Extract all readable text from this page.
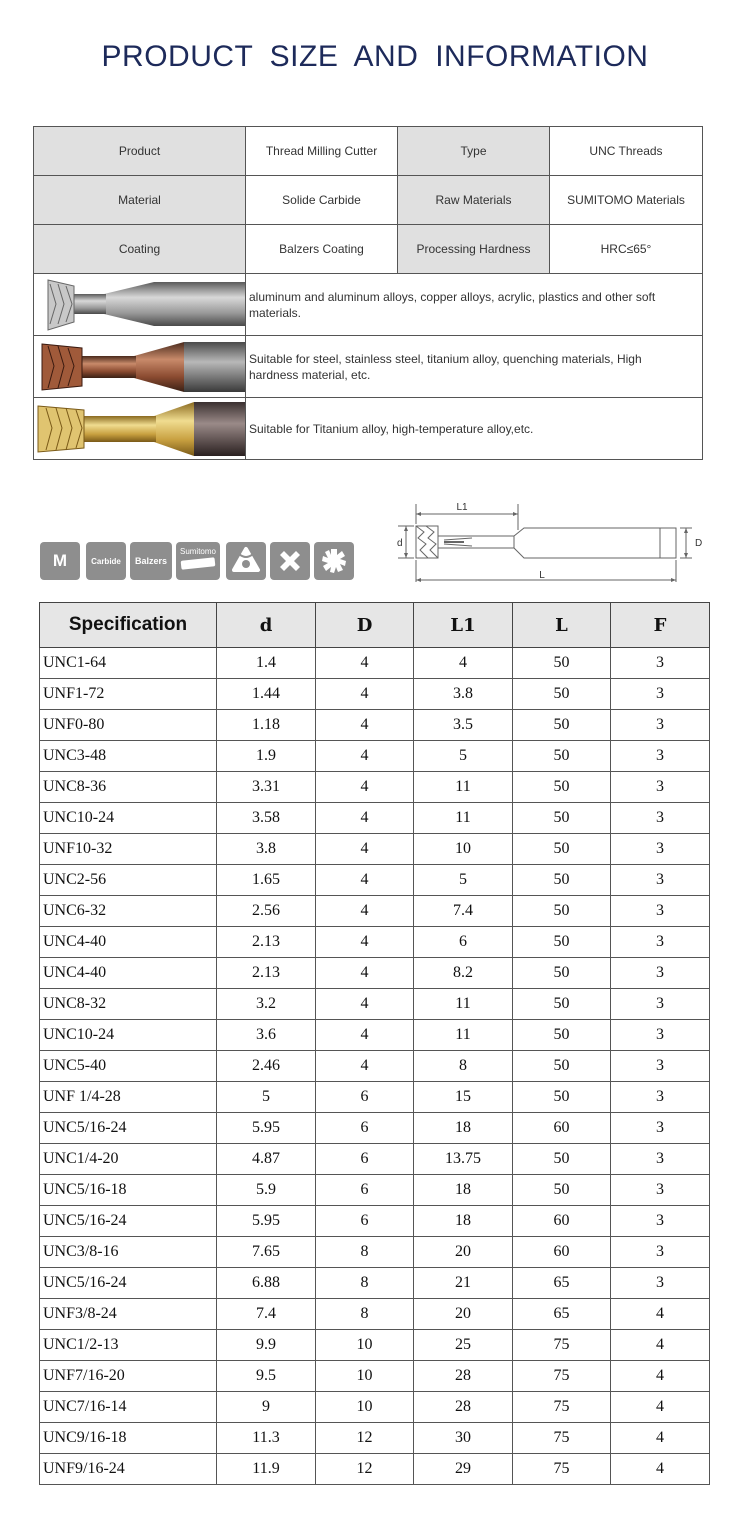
PRODUCT SIZE AND INFORMATION
Product	Thread Milling Cutter	Type	UNC Threads
Material	Solide Carbide	Raw Materials	SUMITOMO Materials
Coating	Balzers Coating	Processing Hardness	HRC≤65°

	aluminum and aluminum alloys, copper alloys, acrylic, plastics and other soft materials.		

	Suitable for steel, stainless steel, titanium alloy, quenching materials, High hardness material, etc.		

	Suitable for Titanium alloy, high-temperature alloy,etc.		
M	Carbide Balzers
Sumitomo
L1
L
d	D
Specification	d	D	L1	L	F
UNC1-64	1.4	4	4	50	3
UNF1-72	1.44	4	3.8	50	3
UNF0-80	1.18	4	3.5	50	3
UNC3-48	1.9	4	5	50	3
UNC8-36	3.31	4	11	50	3
UNC10-24	3.58	4	11	50	3
UNF10-32	3.8	4	10	50	3
UNC2-56	1.65	4	5	50	3
UNC6-32	2.56	4	7.4	50	3
UNC4-40	2.13	4	6	50	3
UNC4-40	2.13	4	8.2	50	3
UNC8-32	3.2	4	11	50	3
UNC10-24	3.6	4	11	50	3
UNC5-40	2.46	4	8	50	3
UNF 1/4-28	5	6	15	50	3
UNC5/16-24	5.95	6	18	60	3
UNC1/4-20	4.87	6	13.75	50	3
UNC5/16-18	5.9	6	18	50	3
UNC5/16-24	5.95	6	18	60	3
UNC3/8-16	7.65	8	20	60	3
UNC5/16-24	6.88	8	21	65	3
UNF3/8-24	7.4	8	20	65	4
UNC1/2-13	9.9	10	25	75	4
UNF7/16-20	9.5	10	28	75	4
UNC7/16-14	9	10	28	75	4
UNC9/16-18	11.3	12	30	75	4
UNF9/16-24	11.9	12	29	75	4
